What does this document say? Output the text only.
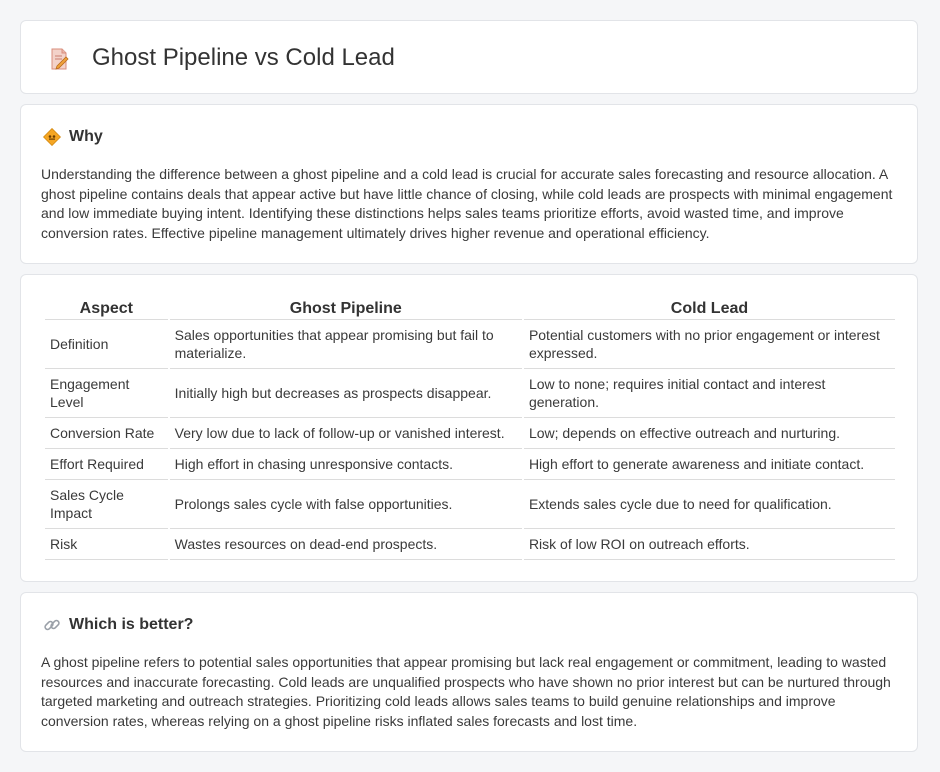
Ghost Pipeline vs Cold Lead
Why

Understanding the difference between a ghost pipeline and a cold lead is crucial for accurate sales forecasting and resource allocation. A ghost pipeline contains deals that appear active but have little chance of closing, while cold leads are prospects with minimal engagement and low immediate buying intent. Identifying these distinctions helps sales teams prioritize efforts, avoid wasted time, and improve conversion rates. Effective pipeline management ultimately drives higher revenue and operational efficiency.

Aspect	Ghost Pipeline	Cold Lead
Definition	Sales opportunities that appear promising but fail to materialize.	Potential customers with no prior engagement or interest expressed.
Engagement Level	Initially high but decreases as prospects disappear.	Low to none; requires initial contact and interest generation.
Conversion Rate	Very low due to lack of follow-up or vanished interest.	Low; depends on effective outreach and nurturing.
Effort Required	High effort in chasing unresponsive contacts.	High effort to generate awareness and initiate contact.
Sales Cycle Impact	Prolongs sales cycle with false opportunities.	Extends sales cycle due to need for qualification.
Risk	Wastes resources on dead-end prospects.	Risk of low ROI on outreach efforts.
Which is better?

A ghost pipeline refers to potential sales opportunities that appear promising but lack real engagement or commitment, leading to wasted resources and inaccurate forecasting. Cold leads are unqualified prospects who have shown no prior interest but can be nurtured through targeted marketing and outreach strategies. Prioritizing cold leads allows sales teams to build genuine relationships and improve conversion rates, whereas relying on a ghost pipeline risks inflated sales forecasts and lost time.
